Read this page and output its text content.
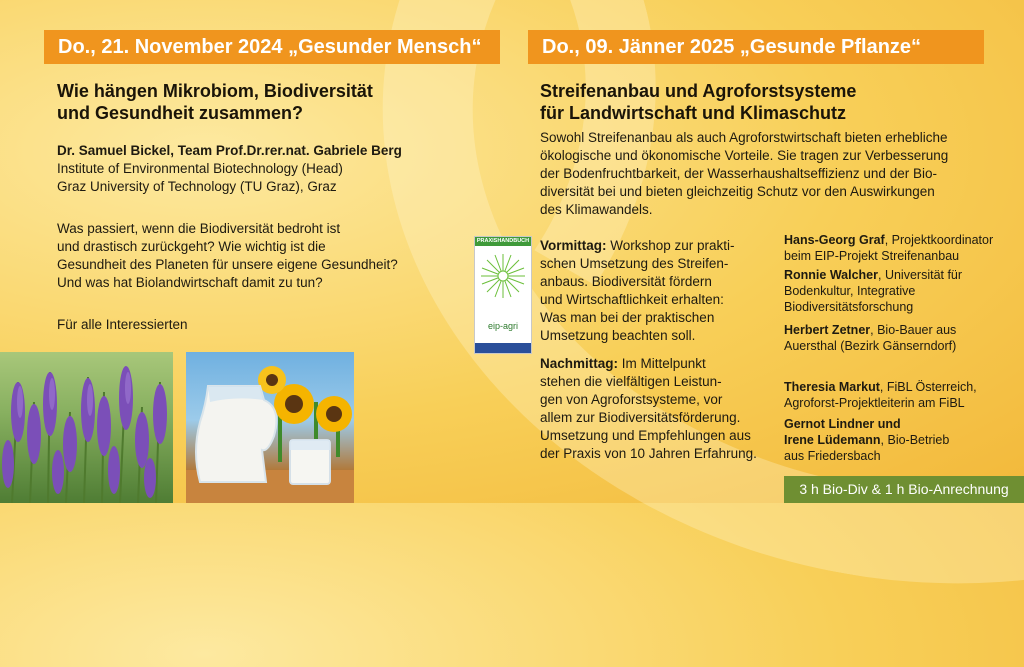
Do., 21. November 2024 „Gesunder Mensch“
Wie hängen Mikrobiom, Biodiversität
und Gesundheit zusammen?
Dr. Samuel Bickel, Team Prof.Dr.rer.nat. Gabriele Berg
Institute of Environmental Biotechnology (Head)
Graz University of Technology (TU Graz), Graz
Was passiert, wenn die Biodiversität bedroht ist
und drastisch zurückgeht? Wie wichtig ist die
Gesundheit des Planeten für unsere eigene Gesundheit?
Und was hat Biolandwirtschaft damit zu tun?
Für alle Interessierten
Do., 09. Jänner 2025 „Gesunde Pflanze“
Streifenanbau und Agroforstsysteme
für Landwirtschaft und Klimaschutz
Sowohl Streifenanbau als auch Agroforstwirtschaft bieten erhebliche
ökologische und ökonomische Vorteile. Sie tragen zur Verbesserung
der Bodenfruchtbarkeit, der Wasserhaushaltseffizienz und der Bio-
diversität bei und bieten gleichzeitig Schutz vor den Auswirkungen
des Klimawandels.
PRAXISHANDBUCH
eip-agri
Vormittag: Workshop zur prakti-
schen Umsetzung des Streifen-
anbaus. Biodiversität fördern
und Wirtschaftlichkeit erhalten:
Was man bei der praktischen
Umsetzung beachten soll.
Nachmittag: Im Mittelpunkt
stehen die vielfältigen Leistun-
gen von Agroforstsysteme, vor
allem zur Biodiversitätsförderung.
Umsetzung und Empfehlungen aus
der Praxis von 10 Jahren Erfahrung.
Hans-Georg Graf, Projektkoordinator
beim EIP-Projekt Streifenanbau
Ronnie Walcher, Universität für
Bodenkultur, Integrative
Biodiversitätsforschung
Herbert Zetner, Bio-Bauer aus
Auersthal (Bezirk Gänserndorf)
Theresia Markut, FiBL Österreich,
Agroforst-Projektleiterin am FiBL
Gernot Lindner und
Irene Lüdemann, Bio-Betrieb
aus Friedersbach
3 h Bio-Div & 1 h Bio-Anrechnung
